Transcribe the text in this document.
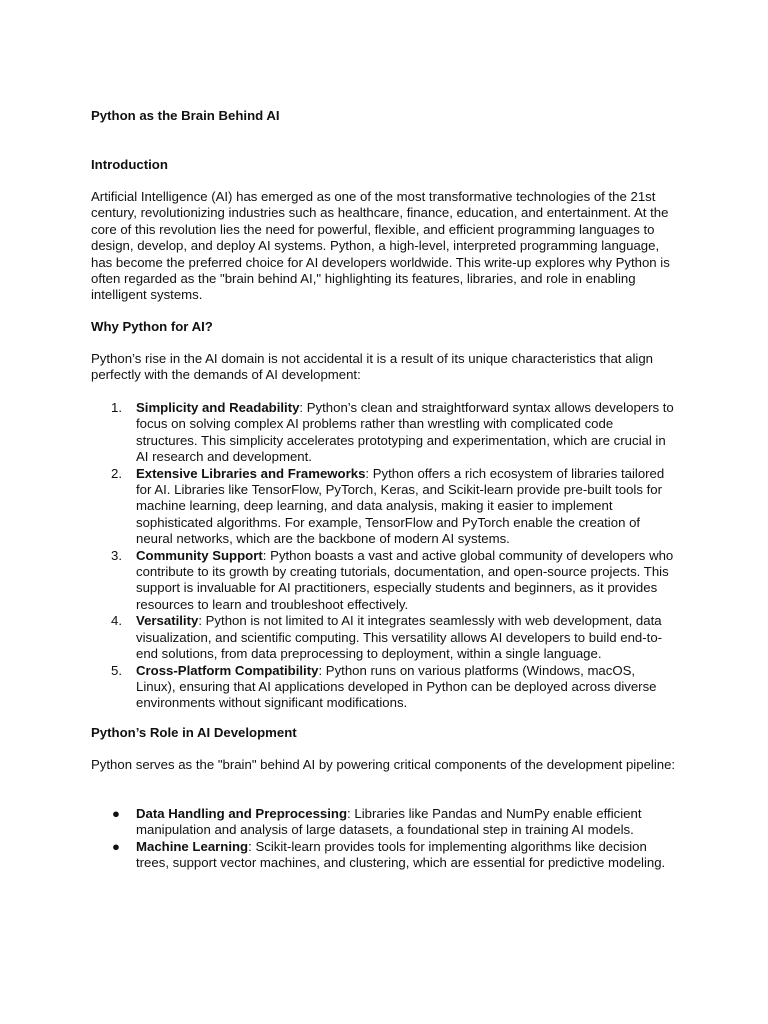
Python as the Brain Behind AI
Introduction

Artificial Intelligence (AI) has emerged as one of the most transformative technologies of the 21st century, revolutionizing industries such as healthcare, finance, education, and entertainment. At the core of this revolution lies the need for powerful, flexible, and efficient programming languages to design, develop, and deploy AI systems. Python, a high-level, interpreted programming language, has become the preferred choice for AI developers worldwide. This write-up explores why Python is often regarded as the "brain behind AI," highlighting its features, libraries, and role in enabling intelligent systems.

Why Python for AI?

Python’s rise in the AI domain is not accidental it is a result of its unique characteristics that align perfectly with the demands of AI development:

1. Simplicity and Readability: Python’s clean and straightforward syntax allows developers to focus on solving complex AI problems rather than wrestling with complicated code structures. This simplicity accelerates prototyping and experimentation, which are crucial in AI research and development.
2. Extensive Libraries and Frameworks: Python offers a rich ecosystem of libraries tailored for AI. Libraries like TensorFlow, PyTorch, Keras, and Scikit-learn provide pre-built tools for machine learning, deep learning, and data analysis, making it easier to implement sophisticated algorithms. For example, TensorFlow and PyTorch enable the creation of neural networks, which are the backbone of modern AI systems.
3. Community Support: Python boasts a vast and active global community of developers who contribute to its growth by creating tutorials, documentation, and open-source projects. This support is invaluable for AI practitioners, especially students and beginners, as it provides resources to learn and troubleshoot effectively.
4. Versatility: Python is not limited to AI it integrates seamlessly with web development, data visualization, and scientific computing. This versatility allows AI developers to build end-to-end solutions, from data preprocessing to deployment, within a single language.
5. Cross-Platform Compatibility: Python runs on various platforms (Windows, macOS, Linux), ensuring that AI applications developed in Python can be deployed across diverse environments without significant modifications.
Python’s Role in AI Development

Python serves as the "brain" behind AI by powering critical components of the development pipeline:

● Data Handling and Preprocessing: Libraries like Pandas and NumPy enable efficient manipulation and analysis of large datasets, a foundational step in training AI models.
● Machine Learning: Scikit-learn provides tools for implementing algorithms like decision trees, support vector machines, and clustering, which are essential for predictive modeling.
